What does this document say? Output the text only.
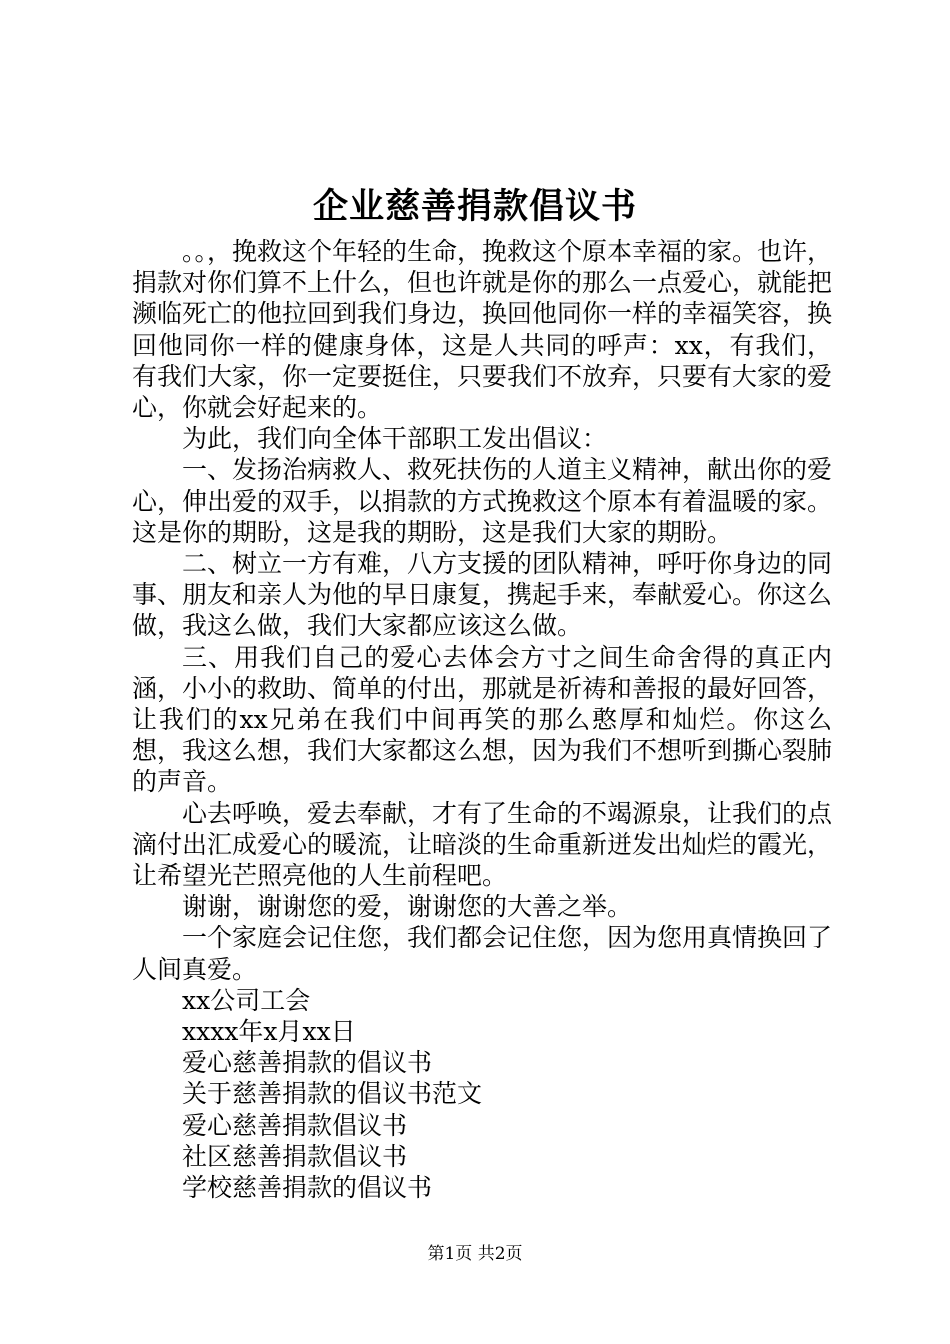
企业慈善捐款倡议书

。。，挽救这个年轻的生命，挽救这个原本幸福的家。也许，捐款对你们算不上什么，但也许就是你的那么一点爱心，就能把濒临死亡的他拉回到我们身边，换回他同你一样的幸福笑容，换回他同你一样的健康身体，这是人共同的呼声：xx，有我们，有我们大家，你一定要挺住，只要我们不放弃，只要有大家的爱心，你就会好起来的。

为此，我们向全体干部职工发出倡议：

一、发扬治病救人、救死扶伤的人道主义精神，献出你的爱心，伸出爱的双手，以捐款的方式挽救这个原本有着温暖的家。这是你的期盼，这是我的期盼，这是我们大家的期盼。

二、树立一方有难，八方支援的团队精神，呼吁你身边的同事、朋友和亲人为他的早日康复，携起手来，奉献爱心。你这么做，我这么做，我们大家都应该这么做。

三、用我们自己的爱心去体会方寸之间生命舍得的真正内涵，小小的救助、简单的付出，那就是祈祷和善报的最好回答，让我们的xx兄弟在我们中间再笑的那么憨厚和灿烂。你这么想，我这么想，我们大家都这么想，因为我们不想听到撕心裂肺的声音。

心去呼唤，爱去奉献，才有了生命的不竭源泉，让我们的点滴付出汇成爱心的暖流，让暗淡的生命重新迸发出灿烂的霞光，让希望光芒照亮他的人生前程吧。

谢谢，谢谢您的爱，谢谢您的大善之举。

一个家庭会记住您，我们都会记住您，因为您用真情换回了人间真爱。

xx公司工会

xxxx年x月xx日

爱心慈善捐款的倡议书

关于慈善捐款的倡议书范文

爱心慈善捐款倡议书

社区慈善捐款倡议书

学校慈善捐款的倡议书

第1页 共2页
